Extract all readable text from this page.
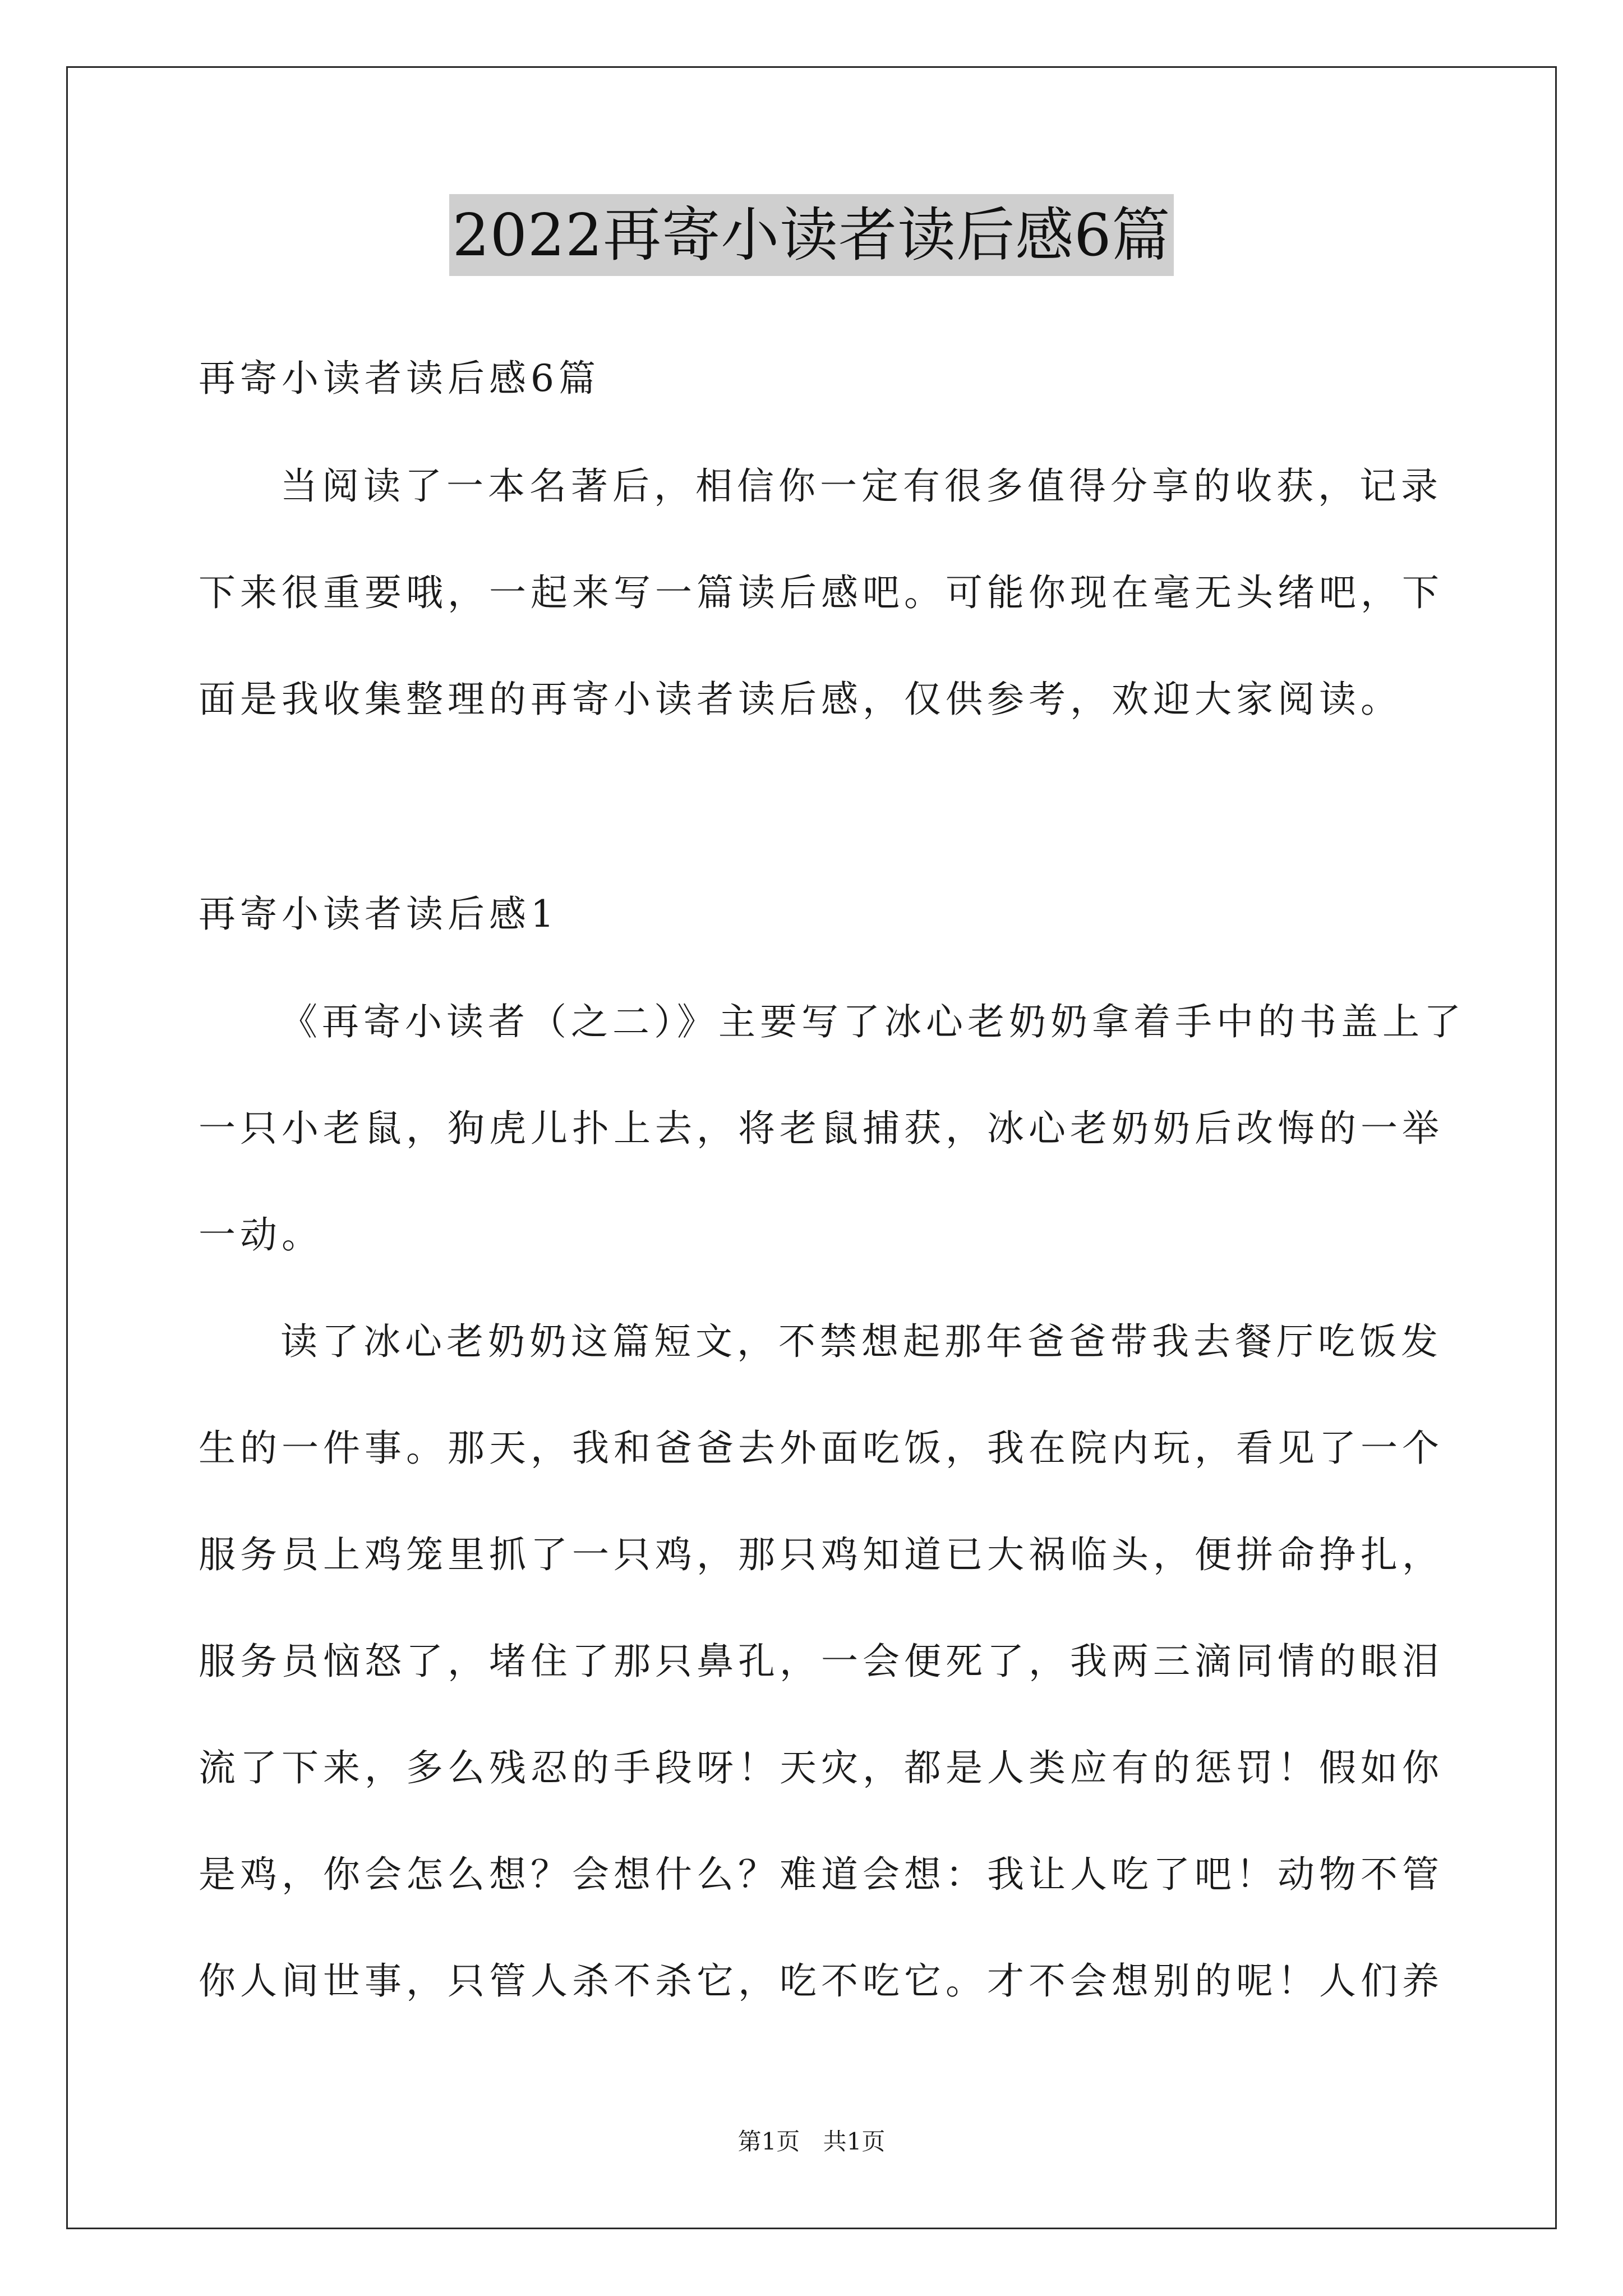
2022再寄小读者读后感6篇
再寄小读者读后感6篇
当阅读了一本名著后，相信你一定有很多值得分享的收获，记录
下来很重要哦，一起来写一篇读后感吧。可能你现在毫无头绪吧，下
面是我收集整理的再寄小读者读后感，仅供参考，欢迎大家阅读。
再寄小读者读后感1
《再寄小读者（之二）》主要写了冰心老奶奶拿着手中的书盖上了
一只小老鼠，狗虎儿扑上去，将老鼠捕获，冰心老奶奶后改悔的一举
一动。
读了冰心老奶奶这篇短文，不禁想起那年爸爸带我去餐厅吃饭发
生的一件事。那天，我和爸爸去外面吃饭，我在院内玩，看见了一个
服务员上鸡笼里抓了一只鸡，那只鸡知道已大祸临头，便拼命挣扎，
服务员恼怒了，堵住了那只鼻孔，一会便死了，我两三滴同情的眼泪
流了下来，多么残忍的手段呀！天灾，都是人类应有的惩罚！假如你
是鸡，你会怎么想？会想什么？难道会想：我让人吃了吧！动物不管
你人间世事，只管人杀不杀它，吃不吃它。才不会想别的呢！人们养
第1页 共1页
